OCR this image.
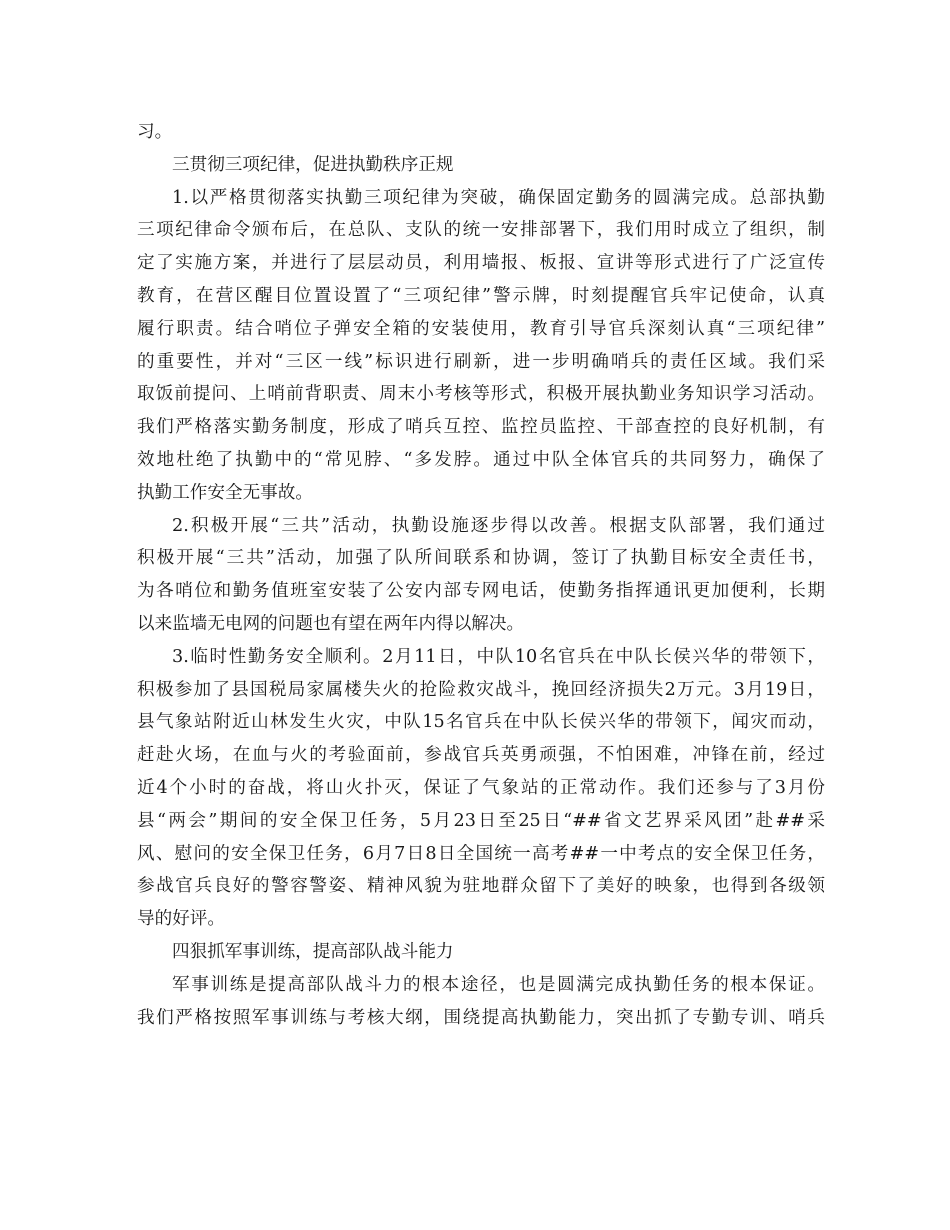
习。
三贯彻三项纪律，促进执勤秩序正规
1.以严格贯彻落实执勤三项纪律为突破，确保固定勤务的圆满完成。总部执勤
三项纪律命令颁布后，在总队、支队的统一安排部署下，我们用时成立了组织，制
定了实施方案，并进行了层层动员，利用墙报、板报、宣讲等形式进行了广泛宣传
教育，在营区醒目位置设置了“三项纪律”警示牌，时刻提醒官兵牢记使命，认真
履行职责。结合哨位子弹安全箱的安装使用，教育引导官兵深刻认真“三项纪律”
的重要性，并对“三区一线”标识进行刷新，进一步明确哨兵的责任区域。我们采
取饭前提问、上哨前背职责、周末小考核等形式，积极开展执勤业务知识学习活动。
我们严格落实勤务制度，形成了哨兵互控、监控员监控、干部查控的良好机制，有
效地杜绝了执勤中的“常见脖、“多发脖。通过中队全体官兵的共同努力，确保了
执勤工作安全无事故。
2.积极开展“三共”活动，执勤设施逐步得以改善。根据支队部署，我们通过
积极开展“三共”活动，加强了队所间联系和协调，签订了执勤目标安全责任书，
为各哨位和勤务值班室安装了公安内部专网电话，使勤务指挥通讯更加便利，长期
以来监墙无电网的问题也有望在两年内得以解决。
3.临时性勤务安全顺利。2月11日，中队10名官兵在中队长侯兴华的带领下，
积极参加了县国税局家属楼失火的抢险救灾战斗，挽回经济损失2万元。3月19日，
县气象站附近山林发生火灾，中队15名官兵在中队长侯兴华的带领下，闻灾而动，
赶赴火场，在血与火的考验面前，参战官兵英勇顽强，不怕困难，冲锋在前，经过
近4个小时的奋战，将山火扑灭，保证了气象站的正常动作。我们还参与了3月份
县“两会”期间的安全保卫任务，5月23日至25日“##省文艺界采风团”赴##采
风、慰问的安全保卫任务，6月7日8日全国统一高考##一中考点的安全保卫任务，
参战官兵良好的警容警姿、精神风貌为驻地群众留下了美好的映象，也得到各级领
导的好评。
四狠抓军事训练，提高部队战斗能力
军事训练是提高部队战斗力的根本途径，也是圆满完成执勤任务的根本保证。
我们严格按照军事训练与考核大纲，围绕提高执勤能力，突出抓了专勤专训、哨兵
